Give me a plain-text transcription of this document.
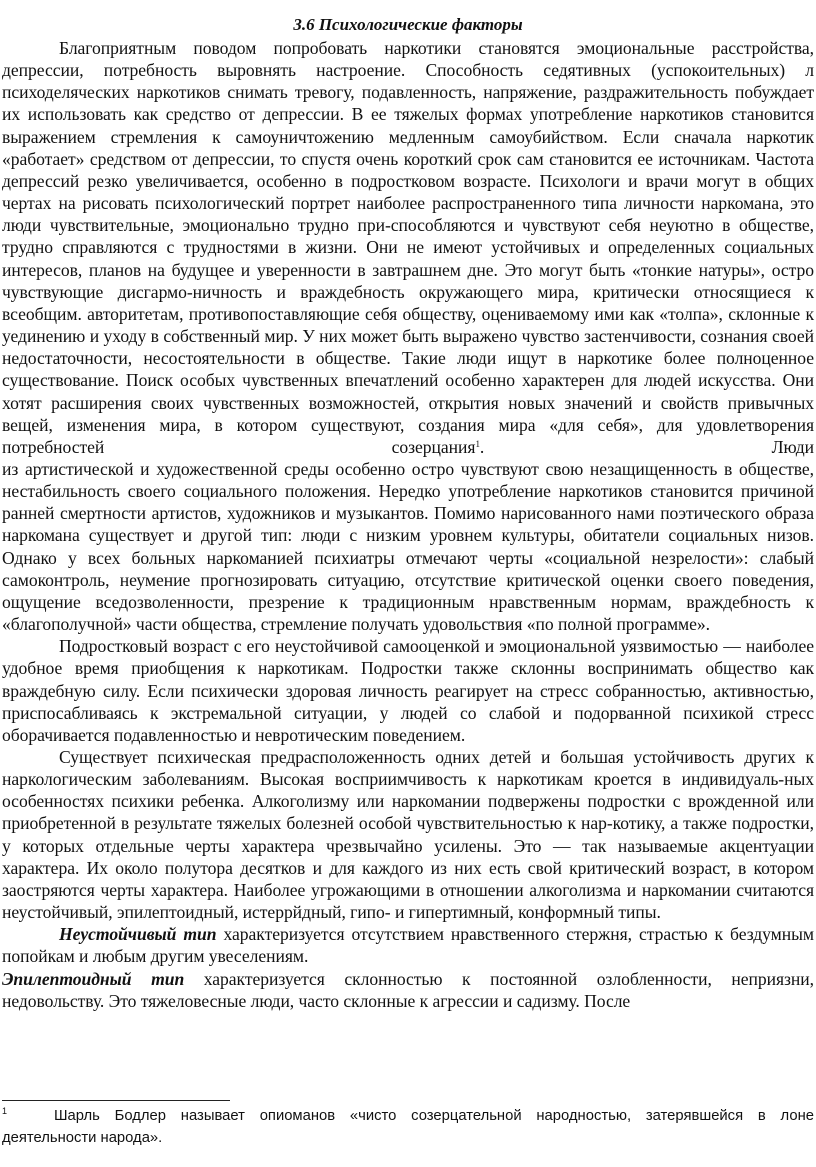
3.6 Психологические факторы

Благоприятным поводом попробовать наркотики становятся эмоциональные расстройства, депрессии, потребность выровнять настроение. Способность седятивных (успокоительных) л психоделяческих наркотиков снимать тревогу, подавленность, напряжение, раздражительность побуждает их использовать как средство от депрессии. В ее тяжелых формах употребление наркотиков становится выражением стремления к самоуничтожению медленным самоубийством. Если сначала наркотик «работает» средством от депрессии, то спустя очень короткий срок сам становится ее источникам. Частота депрессий резко увеличивается, особенно в подростковом возрасте. Психологи и врачи могут в общих чертах на рисовать психологический портрет наиболее распространенного типа личности наркомана, это люди чувствительные, эмоционально трудно при-способляются и чувствуют себя неуютно в обществе, трудно справляются с трудностями в жизни. Они не имеют устойчивых и определенных социальных интересов, планов на будущее и уверенности в завтрашнем дне. Это могут быть «тонкие натуры», остро чувствующие дисгармо-ничность и враждебность окружающего мира, критически относящиеся к всеобщим. авторитетам, противопоставляющие себя обществу, оцениваемому ими как «толпа», склонные к уединению и уходу в собственный мир. У них может быть выражено чувство застенчивости, сознания своей недостаточности, несостоятельности в обществе. Такие люди ищут в наркотике более полноценное существование. Поиск особых чувственных впечатлений особенно характерен для людей искусства. Они хотят расширения своих чувственных возможностей, открытия новых значений и свойств привычных вещей, изменения мира, в котором существуют, создания мира «для себя», для удовлетворения потребностей созерцания$^1$. Люди

из артистической и художественной среды особенно остро чувствуют свою незащищенность в обществе, нестабильность своего социального положения. Нередко употребление наркотиков становится причиной ранней смертности артистов, художников и музыкантов. Помимо нарисованного нами поэтического образа наркомана существует и другой тип: люди с низким уровнем культуры, обитатели социальных низов. Однако у всех больных наркоманией психиатры отмечают черты «социальной незрелости»: слабый самоконтроль, неумение прогнозировать ситуацию, отсутствие критической оценки своего поведения, ощущение вседозволенности, презрение к традиционным нравственным нормам, враждебность к «благополучной» части общества, стремление получать удовольствия «по полной программе».

Подростковый возраст с его неустойчивой самооценкой и эмоциональной уязвимостью — наиболее удобное время приобщения к наркотикам. Подростки также склонны воспринимать общество как враждебную силу. Если психически здоровая личность реагирует на стресс собранностью, активностью, приспосабливаясь к экстремальной ситуации, у людей со слабой и подорванной психикой стресс оборачивается подавленностью и невротическим поведением.

Существует психическая предрасположенность одних детей и большая устойчивость других к наркологическим заболеваниям. Высокая восприимчивость к наркотикам кроется в индивидуаль-ных особенностях психики ребенка. Алкоголизму или наркомании подвержены подростки с врожденной или приобретенной в результате тяжелых болезней особой чувствительностью к нар-котику, а также подростки, у которых отдельные черты характера чрезвычайно усилены. Это — так называемые акцентуации характера. Их около полутора десятков и для каждого из них есть свой критический возраст, в котором заостряются черты характера. Наиболее угрожающими в отношении алкоголизма и наркомании считаются неустойчивый, эпилептоидный, истеррйдный, гипо- и гипертимный, конформный типы.

Неустойчивый тип характеризуется отсутствием нравственного стержня, страстью к бездумным попойкам и любым другим увеселениям.

Эпилептоидный тип характеризуется склонностью к постоянной озлобленности, неприязни, недовольству. Это тяжеловесные люди, часто склонные к агрессии и садизму. После

1	Шарль Бодлер называет опиоманов «чисто созерцательной народностью, затерявшейся в лоне деятельности народа».
